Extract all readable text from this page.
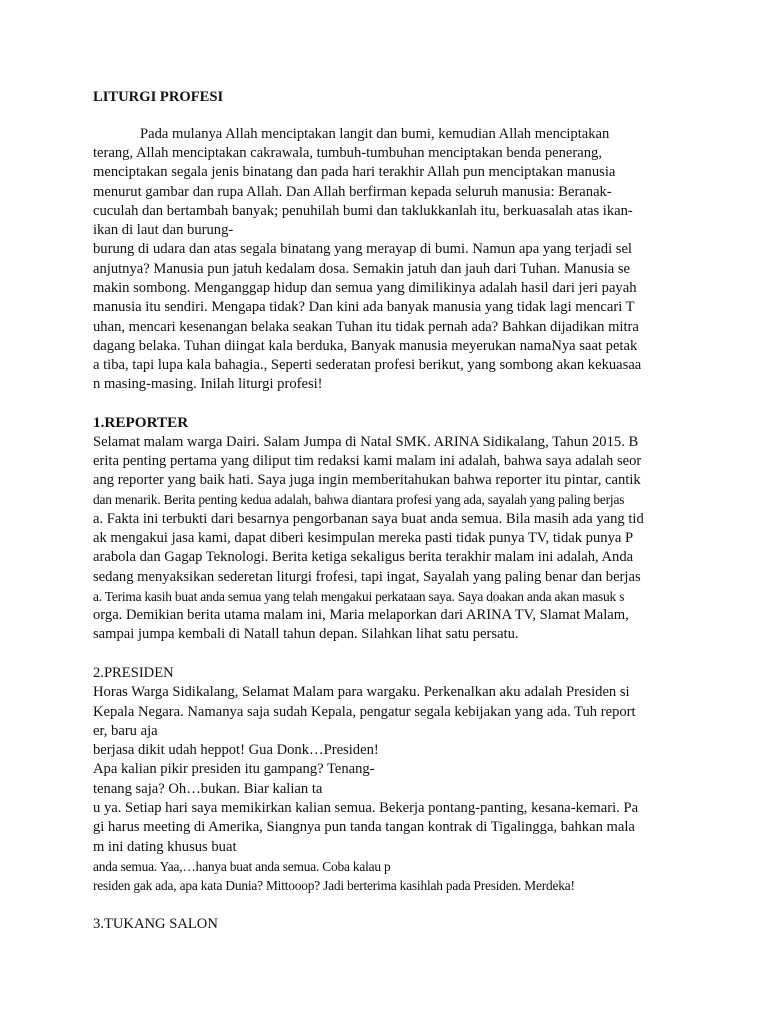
LITURGI PROFESI
Pada mulanya Allah menciptakan langit dan bumi, kemudian Allah menciptakan
terang, Allah menciptakan cakrawala, tumbuh-tumbuhan menciptakan benda penerang,
menciptakan segala jenis binatang dan pada hari terakhir Allah pun menciptakan manusia
menurut gambar dan rupa Allah. Dan Allah berfirman kepada seluruh manusia: Beranak-
cuculah dan bertambah banyak; penuhilah bumi dan taklukkanlah itu, berkuasalah atas ikan-
ikan di laut dan burung-
burung di udara dan atas segala binatang yang merayap di bumi. Namun apa yang terjadi sel
anjutnya? Manusia pun jatuh kedalam dosa. Semakin jatuh dan jauh dari Tuhan. Manusia se
makin sombong. Menganggap hidup dan semua yang dimilikinya adalah hasil dari jeri payah
manusia itu sendiri. Mengapa tidak? Dan kini ada banyak manusia yang tidak lagi mencari T
uhan, mencari kesenangan belaka seakan Tuhan itu tidak pernah ada? Bahkan dijadikan mitra
dagang belaka. Tuhan diingat kala berduka, Banyak manusia meyerukan namaNya saat petak
a tiba, tapi lupa kala bahagia., Seperti sederatan profesi berikut, yang sombong akan kekuasaa
n masing-masing. Inilah liturgi profesi!
1.REPORTER
Selamat malam warga Dairi. Salam Jumpa di Natal SMK. ARINA Sidikalang, Tahun 2015. B
erita penting pertama yang diliput tim redaksi kami malam ini adalah, bahwa saya adalah seor
ang reporter yang baik hati. Saya juga ingin memberitahukan bahwa reporter itu pintar, cantik
dan menarik. Berita penting kedua adalah, bahwa diantara profesi yang ada, sayalah yang paling berjas
a. Fakta ini terbukti dari besarnya pengorbanan saya buat anda semua. Bila masih ada yang tid
ak mengakui jasa kami, dapat diberi kesimpulan mereka pasti tidak punya TV, tidak punya P
arabola dan Gagap Teknologi. Berita ketiga sekaligus berita terakhir malam ini adalah, Anda
sedang menyaksikan sederetan liturgi frofesi, tapi ingat, Sayalah yang paling benar dan berjas
a. Terima kasih buat anda semua yang telah mengakui perkataan saya. Saya doakan anda akan masuk s
orga. Demikian berita utama malam ini, Maria melaporkan dari ARINA TV, Slamat Malam,
sampai jumpa kembali di Natall tahun depan. Silahkan lihat satu persatu.
2.PRESIDEN
Horas Warga Sidikalang, Selamat Malam para wargaku. Perkenalkan aku adalah Presiden si
Kepala Negara. Namanya saja sudah Kepala, pengatur segala kebijakan yang ada. Tuh report
er, baru aja
berjasa dikit udah heppot! Gua Donk…Presiden!
Apa kalian pikir presiden itu gampang? Tenang-
tenang saja? Oh…bukan. Biar kalian ta
u ya. Setiap hari saya memikirkan kalian semua. Bekerja pontang-panting, kesana-kemari. Pa
gi harus meeting di Amerika, Siangnya pun tanda tangan kontrak di Tigalingga, bahkan mala
m ini dating khusus buat
anda semua. Yaa,…hanya buat anda semua. Coba kalau p
residen gak ada, apa kata Dunia? Mittooop? Jadi berterima kasihlah pada Presiden. Merdeka!
3.TUKANG SALON
